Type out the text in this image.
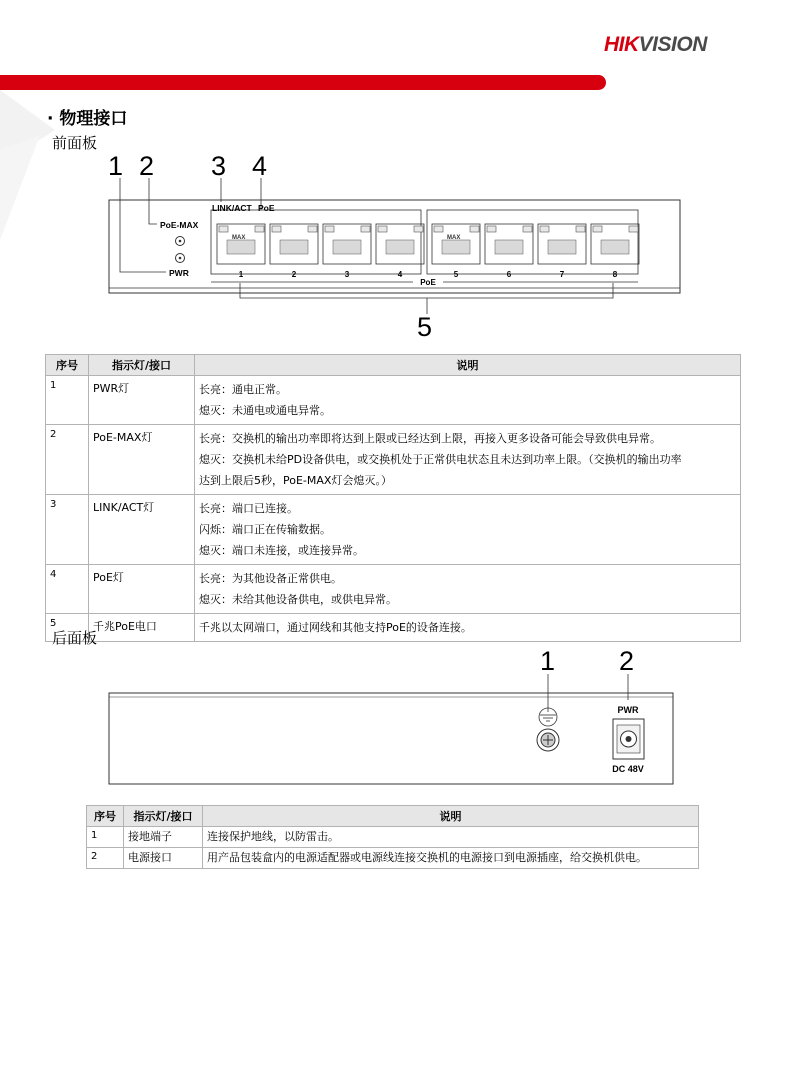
HIKVISION
· 物理接口
前面板
1 2 3 4
5
PoE-MAX
PWR
LINK/ACT PoE
MAX	MAX
1	2	3	4	5	6	7	8
PoE
序号	指示灯/接口	说明
1	PWR灯	长亮：通电正常。
熄灭：未通电或通电异常。

2	PoE-MAX灯	长亮：交换机的输出功率即将达到上限或已经达到上限，再接入更多设备可能会导致供电异常。
熄灭：交换机未给PD设备供电，或交换机处于正常供电状态且未达到功率上限。（交换机的输出功率
达到上限后5秒，PoE-MAX灯会熄灭。）

3	LINK/ACT灯	长亮：端口已连接。
闪烁：端口正在传输数据。
熄灭：端口未连接，或连接异常。

4	PoE灯	长亮：为其他设备正常供电。
熄灭：未给其他设备供电，或供电异常。

5	千兆PoE电口	千兆以太网端口，通过网线和其他支持PoE的设备连接。
后面板
1 2
PWR
DC 48V
序号	指示灯/接口	说明
1	接地端子	连接保护地线，以防雷击。

2	电源接口	用产品包装盒内的电源适配器或电源线连接交换机的电源接口到电源插座，给交换机供电。
